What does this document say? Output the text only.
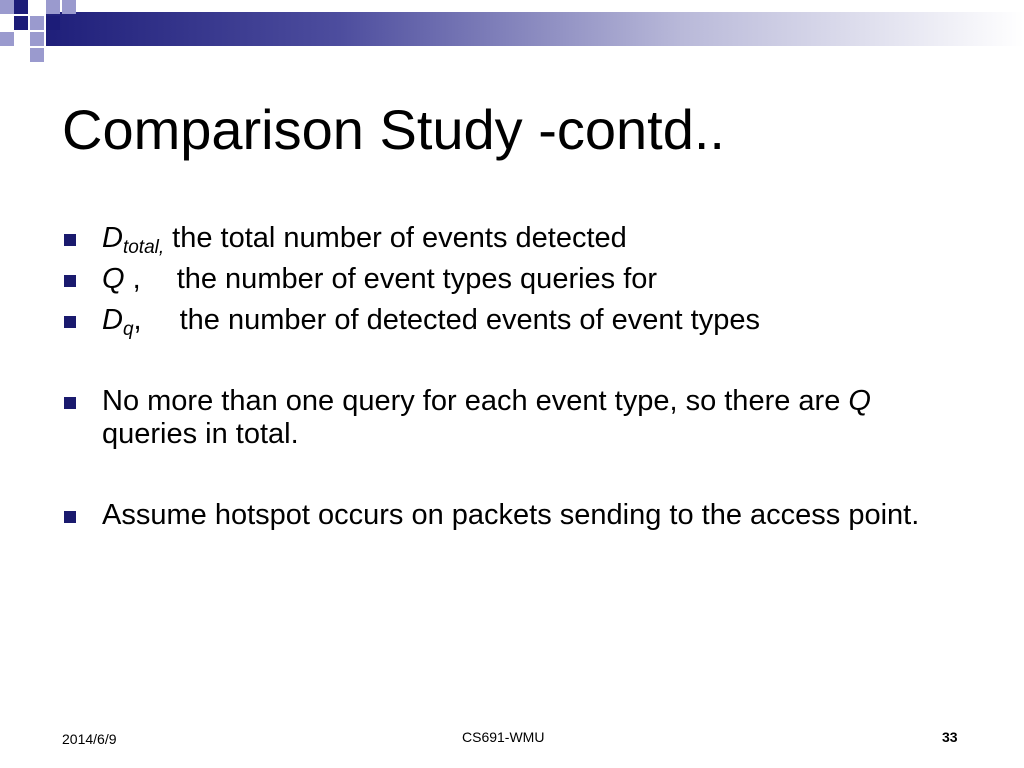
Comparison Study -contd..
$D_{total,}$ the total number of events detected
Q , the number of event types queries for
$D_q$, the number of detected events of event types
No more than one query for each event type, so there are Q queries in total.
Assume hotspot occurs on packets sending to the access point.
2014/6/9	CS691-WMU	33
